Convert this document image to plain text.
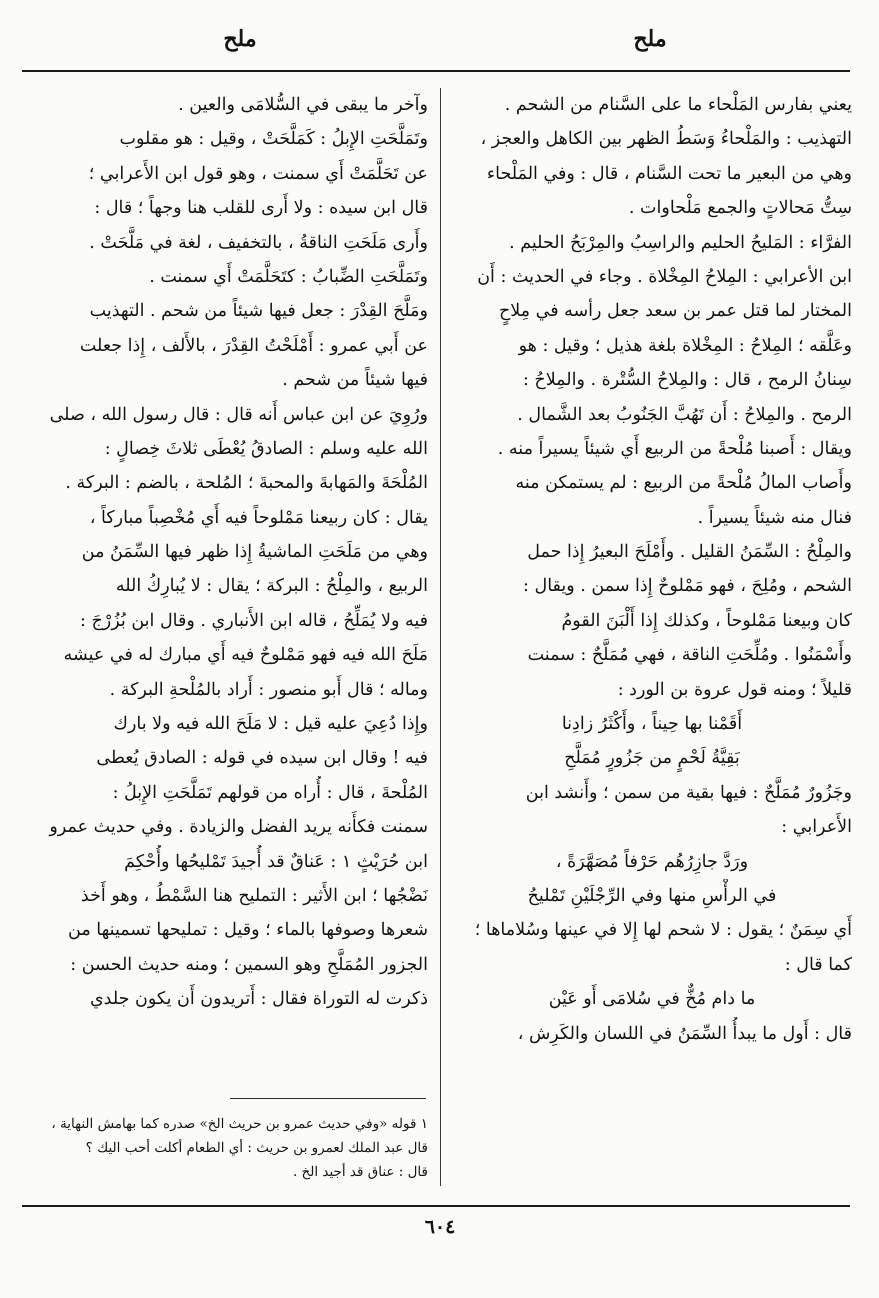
ملح
ملح
يعني بفارس المَلْحاء ما على السَّنام من الشحم .
التهذيب : والمَلْحاءُ وَسَطُ الظهر بين الكاهل والعجز ،
وهي من البعير ما تحت السَّنام ، قال : وفي المَلْحاء
سِتُّ مَحالاتٍ والجمع مَلْحاوات .
الفرَّاء : المَليحُ الحليم والراسِبُ والمِرْبَحُ الحليم .
ابن الأعرابي : المِلاحُ المِخْلاة . وجاء في الحديث : أَن
المختار لما قتل عمر بن سعد جعل رأسه في مِلاحٍ
وعَلَّقه ؛ المِلاحُ : المِخْلاة بلغة هذيل ؛ وقيل : هو
سِنانُ الرمح ، قال : والمِلاحُ السُّتْرة . والمِلاحُ :
الرمح . والمِلاحُ : أَن تَهُبَّ الجَنُوبُ بعد الشَّمال .
ويقال : أَصبنا مُلْحةً من الربيع أَي شيئاً يسيراً منه .
وأَصاب المالُ مُلْحةً من الربيع : لم يستمكن منه
فنال منه شيئاً يسيراً .
والمِلْحُ : السِّمَنُ القليل . وأَمْلَحَ البعيرُ إِذا حمل
الشحم ، ومُلِحَ ، فهو مَمْلوحٌ إِذا سمن . ويقال :
كان وبيعنا مَمْلوحاً ، وكذلك إِذا أَلْبَنَ القومُ
وأَسْمَنُوا . ومُلِّحَتِ الناقة ، فهي مُمَلَّحٌ : سمنت
قليلاً ؛ ومنه قول عروة بن الورد :
أَقَمْنا بها حِيناً ، وأَكْثَرُ زادِنا
بَقِيَّةُ لَحْمٍ من جَزُورٍ مُمَلَّحِ
وجَزُورٌ مُمَلَّحٌ : فيها بقية من سمن ؛ وأَنشد ابن
الأَعرابي :
ورَدَّ جازِرُهُم حَرْفاً مُصَهَّرَةً ،
في الرأْسِ منها وفي الرِّجْلَيْنِ تَمْليحُ
أَي سِمَنٌ ؛ يقول : لا شحم لها إِلا في عينها وسُلاماها ؛
كما قال :
ما دام مُخٌّ في سُلامَى أَو عَيْن
قال : أَول ما يبدأُ السِّمَنُ في اللسان والكَرِش ،
وآخر ما يبقى في السُّلامَى والعين .
وتَمَلَّحَتِ الإِبلُ : كَمَلَّحَتْ ، وقيل : هو مقلوب
عن تَحَلَّمَتْ أَي سمنت ، وهو قول ابن الأَعرابي ؛
قال ابن سيده : ولا أَرى للقلب هنا وجهاً ؛ قال :
وأَرى مَلَحَتِ الناقةُ ، بالتخفيف ، لغة في مَلَّحَتْ .
وتَمَلَّحَتِ الضِّبابُ : كتَحَلَّمَتْ أَي سمنت .
ومَلَّحَ القِدْرَ : جعل فيها شيئاً من شحم . التهذيب
عن أَبي عمرو : أَمْلَحْتُ القِدْرَ ، بالأَلف ، إِذا جعلت
فيها شيئاً من شحم .
ورُوِيَ عن ابن عباس أَنه قال : قال رسول الله ، صلى
الله عليه وسلم : الصادقُ يُعْطَى ثلاثَ خِصالٍ :
المُلْحَةَ والمَهابةَ والمحبةَ ؛ المُلحة ، بالضم : البركة .
يقال : كان ربيعنا مَمْلوحاً فيه أَي مُخْصِباً مباركاً ،
وهي من مَلَحَتِ الماشيةُ إِذا ظهر فيها السِّمَنُ من
الربيع ، والمِلْحُ : البركة ؛ يقال : لا يُبارِكُ الله
فيه ولا يُمَلِّحُ ، قاله ابن الأَنباري . وقال ابن بُزُرْجَ :
مَلَحَ الله فيه فهو مَمْلوحٌ فيه أَي مبارك له في عيشه
وماله ؛ قال أَبو منصور : أَراد بالمُلْحةِ البركة .
وإِذا دُعِيَ عليه قيل : لا مَلَحَ الله فيه ولا بارك
فيه ! وقال ابن سيده في قوله : الصادق يُعطى
المُلْحةَ ، قال : أُراه من قولهم تَمَلَّحَتِ الإِبلُ :
سمنت فكأَنه يريد الفضل والزيادة . وفي حديث عمرو
ابن حُرَيْثٍ ١ : عَناقٌ قد أُجيدَ تَمْليحُها وأُحْكِمَ
نَضْجُها ؛ ابن الأَثير : التمليح هنا السَّمْطُ ، وهو أَخذ
شعرها وصوفها بالماء ؛ وقيل : تمليحها تسمينها من
الجزور المُمَلَّحِ وهو السمين ؛ ومنه حديث الحسن :
ذكرت له التوراة فقال : أَتريدون أَن يكون جلدي
١ قوله «وفي حديث عمرو بن حريث الخ» صدره كما بهامش النهاية ،
قال عبد الملك لعمرو بن حريث : أي الطعام أكلت أحب اليك ؟
قال : عناق قد أجيد الخ .
٦٠٤
